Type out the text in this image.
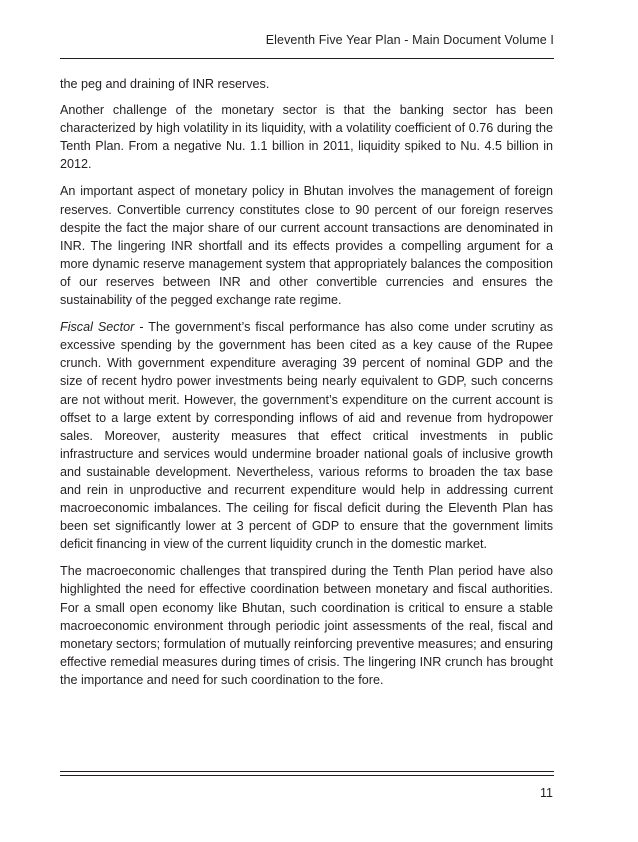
Eleventh Five Year Plan - Main Document Volume I

the peg and draining of INR reserves.

Another challenge of the monetary sector is that the banking sector has been characterized by high volatility in its liquidity, with a volatility coefficient of 0.76 during the Tenth Plan. From a negative Nu. 1.1 billion in 2011, liquidity spiked to Nu. 4.5 billion in 2012.

An important aspect of monetary policy in Bhutan involves the management of foreign reserves. Convertible currency constitutes close to 90 percent of our foreign reserves despite the fact the major share of our current account transactions are denominated in INR. The lingering INR shortfall and its effects provides a compelling argument for a more dynamic reserve management system that appropriately balances the composition of our reserves between INR and other convertible currencies and ensures the sustainability of the pegged exchange rate regime.

Fiscal Sector - The government’s fiscal performance has also come under scrutiny as excessive spending by the government has been cited as a key cause of the Rupee crunch. With government expenditure averaging 39 percent of nominal GDP and the size of recent hydro power investments being nearly equivalent to GDP, such concerns are not without merit. However, the government’s expenditure on the current account is offset to a large extent by corresponding inflows of aid and revenue from hydropower sales. Moreover, austerity measures that effect critical investments in public infrastructure and services would undermine broader national goals of inclusive growth and sustainable development. Nevertheless, various reforms to broaden the tax base and rein in unproductive and recurrent expenditure would help in addressing current macroeconomic imbalances. The ceiling for fiscal deficit during the Eleventh Plan has been set significantly lower at 3 percent of GDP to ensure that the government limits deficit financing in view of the current liquidity crunch in the domestic market.

The macroeconomic challenges that transpired during the Tenth Plan period have also highlighted the need for effective coordination between monetary and fiscal authorities. For a small open economy like Bhutan, such coordination is critical to ensure a stable macroeconomic environment through periodic joint assessments of the real, fiscal and monetary sectors; formulation of mutually reinforcing preventive measures; and ensuring effective remedial measures during times of crisis. The lingering INR crunch has brought the importance and need for such coordination to the fore.

11
